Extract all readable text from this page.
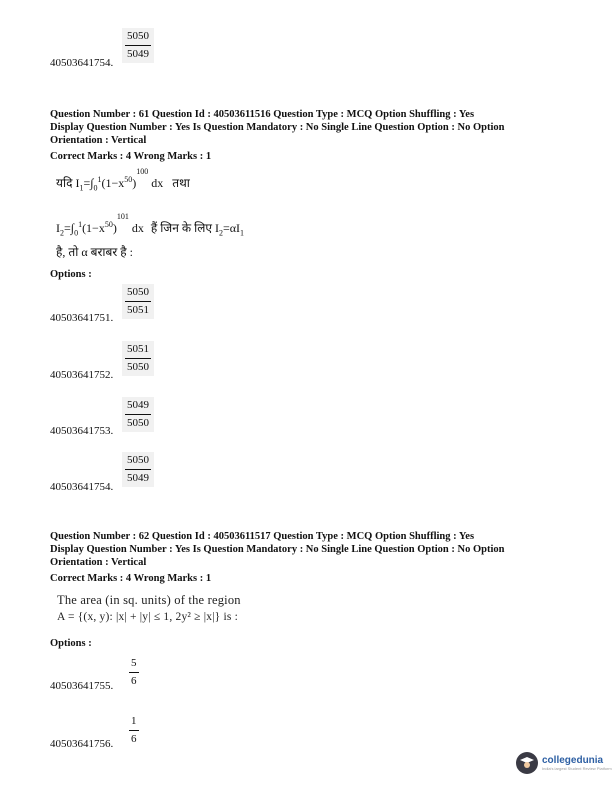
$\frac{5050}{5049}$
40503641754.
Question Number : 61 Question Id : 40503611516 Question Type : MCQ Option Shuffling : Yes
Display Question Number : Yes Is Question Mandatory : No Single Line Question Option : No Option
Orientation : Vertical
Correct Marks : 4 Wrong Marks : 1
यदि $I_1=\int_0^1(1-x^{50})^{100}$ dx तथा
$I_2=\int_0^1(1-x^{50})^{101}$ dx हैं जिन के लिए $I_2=\alpha I_1$
है, तो α बराबर है :
Options :
$\frac{5050}{5051}$
40503641751.
$\frac{5051}{5050}$
40503641752.
$\frac{5049}{5050}$
40503641753.
$\frac{5050}{5049}$
40503641754.
Question Number : 62 Question Id : 40503611517 Question Type : MCQ Option Shuffling : Yes
Display Question Number : Yes Is Question Mandatory : No Single Line Question Option : No Option
Orientation : Vertical
Correct Marks : 4 Wrong Marks : 1
The area (in sq. units) of the region
A = {(x, y): |x| + |y| ≤ 1, 2y² ≥ |x|} is :
Options :
$\frac{5}{6}$
40503641755.
$\frac{1}{6}$
40503641756.
collegedunia
India's largest Student Review Platform
